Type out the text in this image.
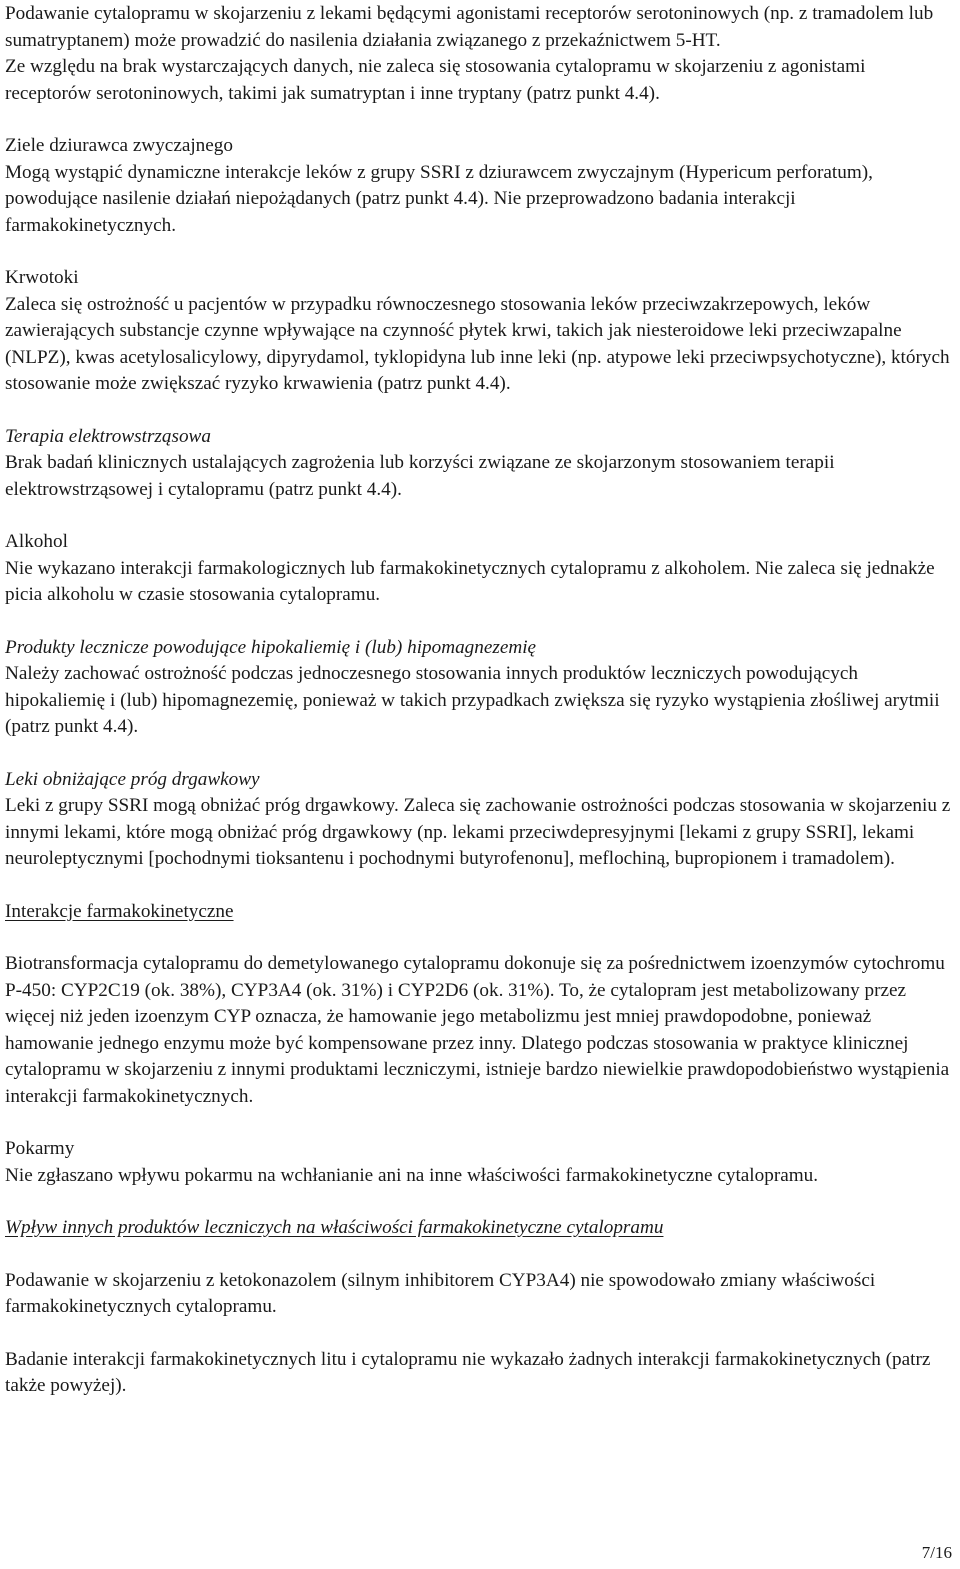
Podawanie cytalopramu w skojarzeniu z lekami będącymi agonistami receptorów serotoninowych (np. z tramadolem lub sumatryptanem) może prowadzić do nasilenia działania związanego z przekaźnictwem 5-HT.

Ze względu na brak wystarczających danych, nie zaleca się stosowania cytalopramu w skojarzeniu z agonistami receptorów serotoninowych, takimi jak sumatryptan i inne tryptany (patrz punkt 4.4).

Ziele dziurawca zwyczajnego

Mogą wystąpić dynamiczne interakcje leków z grupy SSRI z dziurawcem zwyczajnym (Hypericum perforatum), powodujące nasilenie działań niepożądanych (patrz punkt 4.4). Nie przeprowadzono badania interakcji farmakokinetycznych.

Krwotoki

Zaleca się ostrożność u pacjentów w przypadku równoczesnego stosowania leków przeciwzakrzepowych, leków zawierających substancje czynne wpływające na czynność płytek krwi, takich jak niesteroidowe leki przeciwzapalne (NLPZ), kwas acetylosalicylowy, dipyrydamol, tyklopidyna lub inne leki (np. atypowe leki przeciwpsychotyczne), których stosowanie może zwiększać ryzyko krwawienia (patrz punkt 4.4).

Terapia elektrowstrząsowa

Brak badań klinicznych ustalających zagrożenia lub korzyści związane ze skojarzonym stosowaniem terapii elektrowstrząsowej i cytalopramu (patrz punkt 4.4).

Alkohol

Nie wykazano interakcji farmakologicznych lub farmakokinetycznych cytalopramu z alkoholem. Nie zaleca się jednakże picia alkoholu w czasie stosowania cytalopramu.

Produkty lecznicze powodujące hipokaliemię i (lub) hipomagnezemię

Należy zachować ostrożność podczas jednoczesnego stosowania innych produktów leczniczych powodujących hipokaliemię i (lub) hipomagnezemię, ponieważ w takich przypadkach zwiększa się ryzyko wystąpienia złośliwej arytmii (patrz punkt 4.4).

Leki obniżające próg drgawkowy

Leki z grupy SSRI mogą obniżać próg drgawkowy. Zaleca się zachowanie ostrożności podczas stosowania w skojarzeniu z innymi lekami, które mogą obniżać próg drgawkowy (np. lekami przeciwdepresyjnymi [lekami z grupy SSRI], lekami neuroleptycznymi [pochodnymi tioksantenu i pochodnymi butyrofenonu], meflochiną, bupropionem i tramadolem).

Interakcje farmakokinetyczne

Biotransformacja cytalopramu do demetylowanego cytalopramu dokonuje się za pośrednictwem izoenzymów cytochromu P-450: CYP2C19 (ok. 38%), CYP3A4 (ok. 31%) i CYP2D6 (ok. 31%). To, że cytalopram jest metabolizowany przez więcej niż jeden izoenzym CYP oznacza, że hamowanie jego metabolizmu jest mniej prawdopodobne, ponieważ hamowanie jednego enzymu może być kompensowane przez inny. Dlatego podczas stosowania w praktyce klinicznej cytalopramu w skojarzeniu z innymi produktami leczniczymi, istnieje bardzo niewielkie prawdopodobieństwo wystąpienia interakcji farmakokinetycznych.

Pokarmy

Nie zgłaszano wpływu pokarmu na wchłanianie ani na inne właściwości farmakokinetyczne cytalopramu.

Wpływ innych produktów leczniczych na właściwości farmakokinetyczne cytalopramu

Podawanie w skojarzeniu z ketokonazolem (silnym inhibitorem CYP3A4) nie spowodowało zmiany właściwości farmakokinetycznych cytalopramu.

Badanie interakcji farmakokinetycznych litu i cytalopramu nie wykazało żadnych interakcji farmakokinetycznych (patrz także powyżej).

7/16
